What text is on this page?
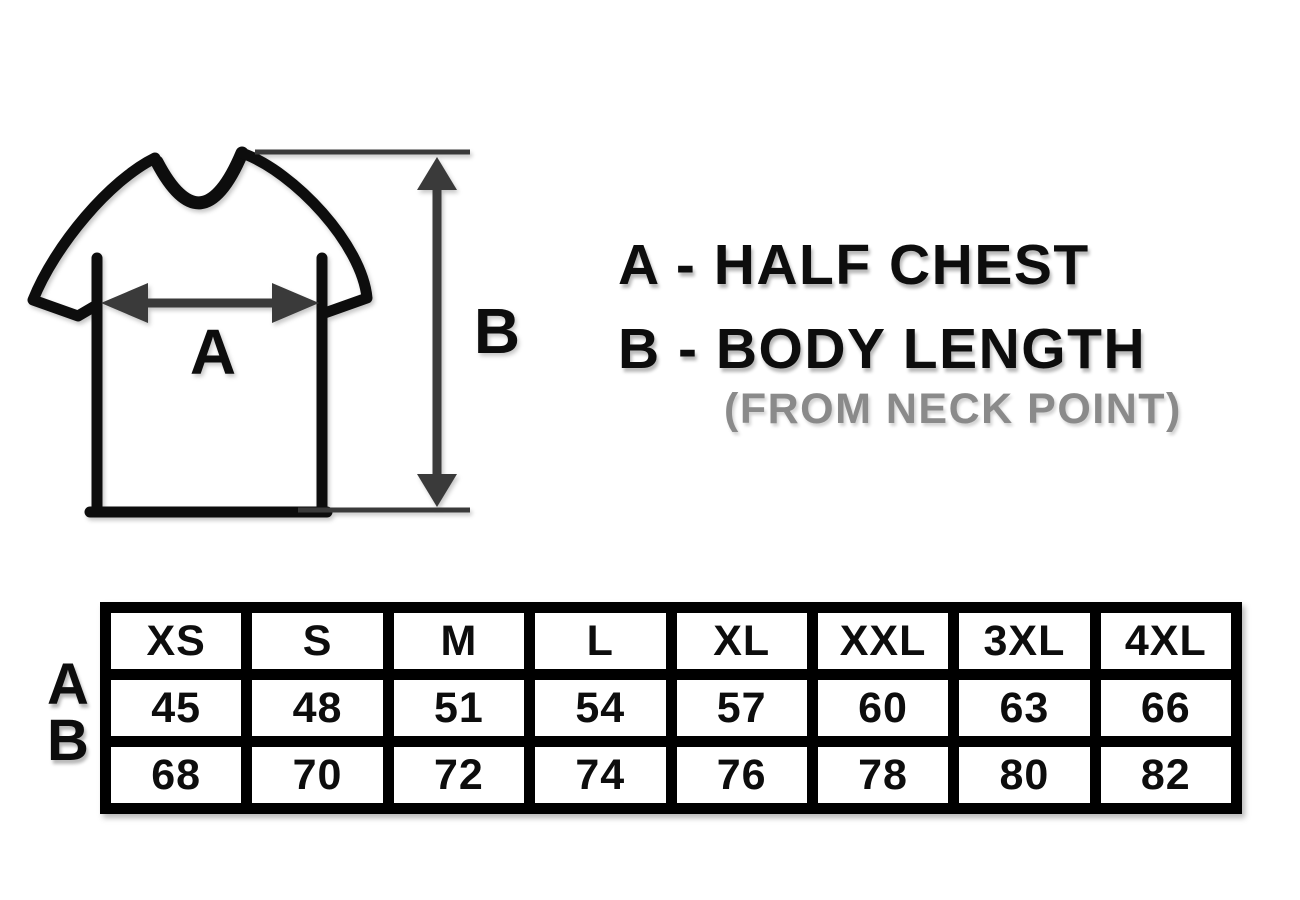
A	B
A - HALF CHEST
B - BODY LENGTH
(FROM NECK POINT)
A
B
XS	S	M	L	XL	XXL	3XL	4XL
45	48	51	54	57	60	63	66
68	70	72	74	76	78	80	82
